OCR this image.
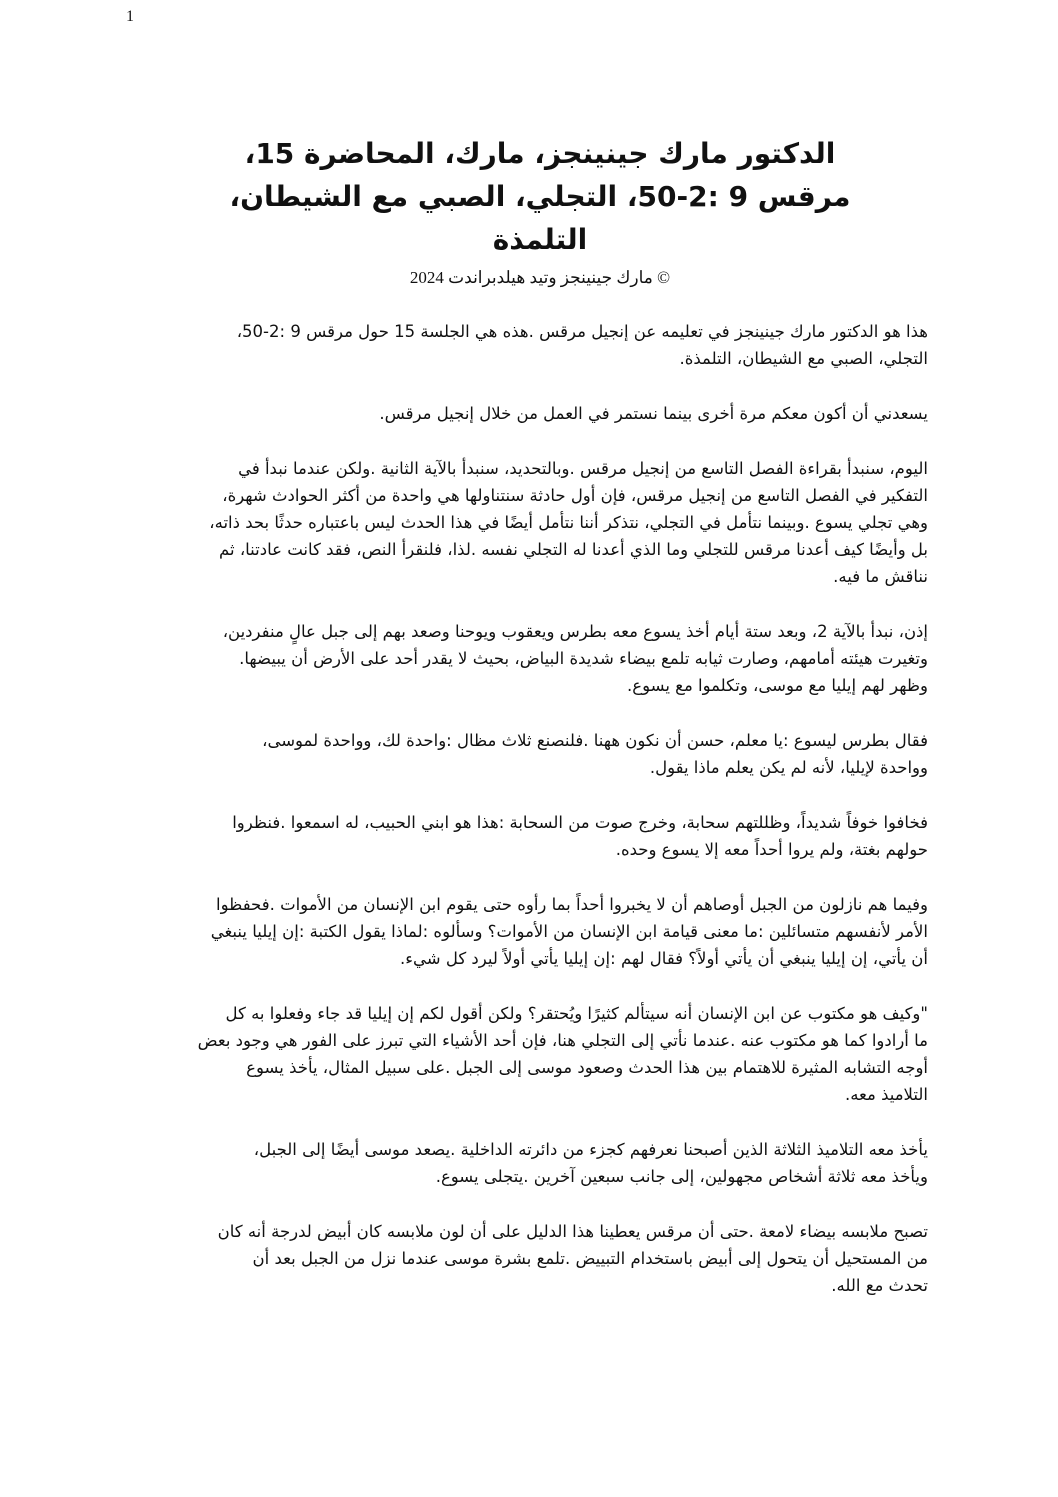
1
،الدكتور مارك جينينجز، مارك، المحاضرة 15
،مرقس 9 :2-50، التجلي، الصبي مع الشيطان
التلمذة
مارك جينينجز وتيد هيلدبراندت 2024 ©
،هذا هو الدكتور مارك جينينجز في تعليمه عن إنجيل مرقس .هذه هي الجلسة 15 حول مرقس 9 :2-50
.التجلي، الصبي مع الشيطان، التلمذة
.يسعدني أن أكون معكم مرة أخرى بينما نستمر في العمل من خلال إنجيل مرقس
اليوم، سنبدأ بقراءة الفصل التاسع من إنجيل مرقس .وبالتحديد، سنبدأ بالآية الثانية .ولكن عندما نبدأ في
،التفكير في الفصل التاسع من إنجيل مرقس، فإن أول حادثة سنتناولها هي واحدة من أكثر الحوادث شهرة
،وهي تجلي يسوع .وبينما نتأمل في التجلي، نتذكر أننا نتأمل أيضًا في هذا الحدث ليس باعتباره حدثًا بحد ذاته
بل وأيضًا كيف أعدنا مرقس للتجلي وما الذي أعدنا له التجلي نفسه .لذا، فلنقرأ النص، فقد كانت عادتنا، ثم
.نناقش ما فيه
،إذن، نبدأ بالآية 2، وبعد ستة أيام أخذ يسوع معه بطرس ويعقوب ويوحنا وصعد بهم إلى جبل عالٍ منفردين
.وتغيرت هيئته أمامهم، وصارت ثيابه تلمع بيضاء شديدة البياض، بحيث لا يقدر أحد على الأرض أن يبيضها
.وظهر لهم إيليا مع موسى، وتكلموا مع يسوع
،فقال بطرس ليسوع :يا معلم، حسن أن نكون ههنا .فلنصنع ثلاث مظال :واحدة لك، وواحدة لموسى
.وواحدة لإيليا، لأنه لم يكن يعلم ماذا يقول
فخافوا خوفاً شديداً، وظللتهم سحابة، وخرج صوت من السحابة :هذا هو ابني الحبيب، له اسمعوا .فنظروا
.حولهم بغتة، ولم يروا أحداً معه إلا يسوع وحده
وفيما هم نازلون من الجبل أوصاهم أن لا يخبروا أحداً بما رأوه حتى يقوم ابن الإنسان من الأموات .فحفظوا
الأمر لأنفسهم متسائلين :ما معنى قيامة ابن الإنسان من الأموات؟ وسألوه :لماذا يقول الكتبة :إن إيليا ينبغي
.أن يأتي، إن إيليا ينبغي أن يأتي أولاً؟ فقال لهم :إن إيليا يأتي أولاً ليرد كل شيء
وكيف هو مكتوب عن ابن الإنسان أنه سيتألم كثيرًا ويُحتقر؟ ولكن أقول لكم إن إيليا قد جاء وفعلوا به كل"
ما أرادوا كما هو مكتوب عنه .عندما نأتي إلى التجلي هنا، فإن أحد الأشياء التي تبرز على الفور هي وجود بعض
أوجه التشابه المثيرة للاهتمام بين هذا الحدث وصعود موسى إلى الجبل .على سبيل المثال، يأخذ يسوع
.التلاميذ معه
،يأخذ معه التلاميذ الثلاثة الذين أصبحنا نعرفهم كجزء من دائرته الداخلية .يصعد موسى أيضًا إلى الجبل
.ويأخذ معه ثلاثة أشخاص مجهولين، إلى جانب سبعين آخرين .يتجلى يسوع
تصبح ملابسه بيضاء لامعة .حتى أن مرقس يعطينا هذا الدليل على أن لون ملابسه كان أبيض لدرجة أنه كان
من المستحيل أن يتحول إلى أبيض باستخدام التبييض .تلمع بشرة موسى عندما نزل من الجبل بعد أن
.تحدث مع الله
